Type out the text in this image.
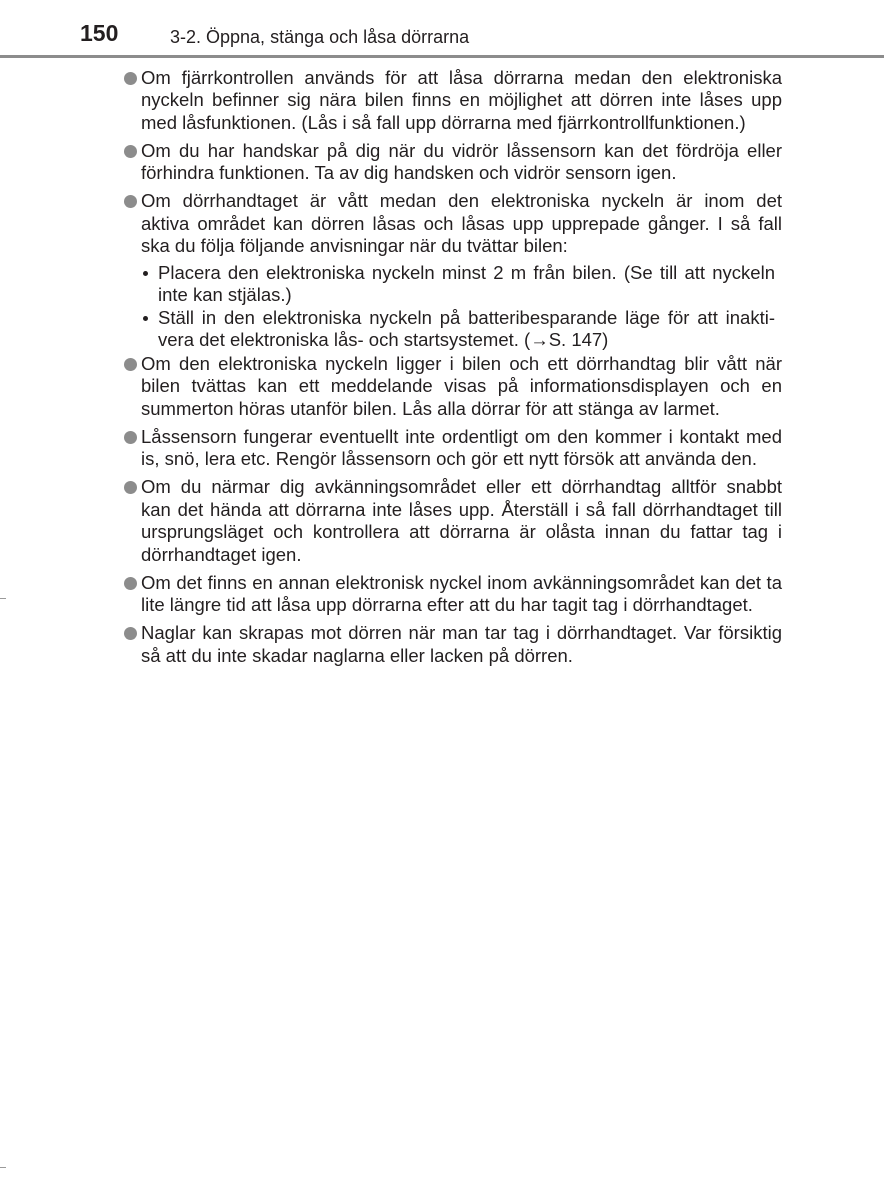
150	3-2. Öppna, stänga och låsa dörrarna
Om fjärrkontrollen används för att låsa dörrarna medan den elektroniska
nyckeln befinner sig nära bilen finns en möjlighet att dörren inte låses upp
med låsfunktionen. (Lås i så fall upp dörrarna med fjärrkontrollfunktionen.)
Om du har handskar på dig när du vidrör låssensorn kan det fördröja eller
förhindra funktionen. Ta av dig handsken och vidrör sensorn igen.
Om dörrhandtaget är vått medan den elektroniska nyckeln är inom det
aktiva området kan dörren låsas och låsas upp upprepade gånger. I så fall
ska du följa följande anvisningar när du tvättar bilen:
Placera den elektroniska nyckeln minst 2 m från bilen. (Se till att nyckeln
inte kan stjälas.)
Ställ in den elektroniska nyckeln på batteribesparande läge för att inakti-
vera det elektroniska lås- och startsystemet. (→S. 147)
Om den elektroniska nyckeln ligger i bilen och ett dörrhandtag blir vått när
bilen tvättas kan ett meddelande visas på informationsdisplayen och en
summerton höras utanför bilen. Lås alla dörrar för att stänga av larmet.
Låssensorn fungerar eventuellt inte ordentligt om den kommer i kontakt med
is, snö, lera etc. Rengör låssensorn och gör ett nytt försök att använda den.
Om du närmar dig avkänningsområdet eller ett dörrhandtag alltför snabbt
kan det hända att dörrarna inte låses upp. Återställ i så fall dörrhandtaget till
ursprungsläget och kontrollera att dörrarna är olåsta innan du fattar tag i
dörrhandtaget igen.
Om det finns en annan elektronisk nyckel inom avkänningsområdet kan det ta
lite längre tid att låsa upp dörrarna efter att du har tagit tag i dörrhandtaget.
Naglar kan skrapas mot dörren när man tar tag i dörrhandtaget. Var försiktig
så att du inte skadar naglarna eller lacken på dörren.
